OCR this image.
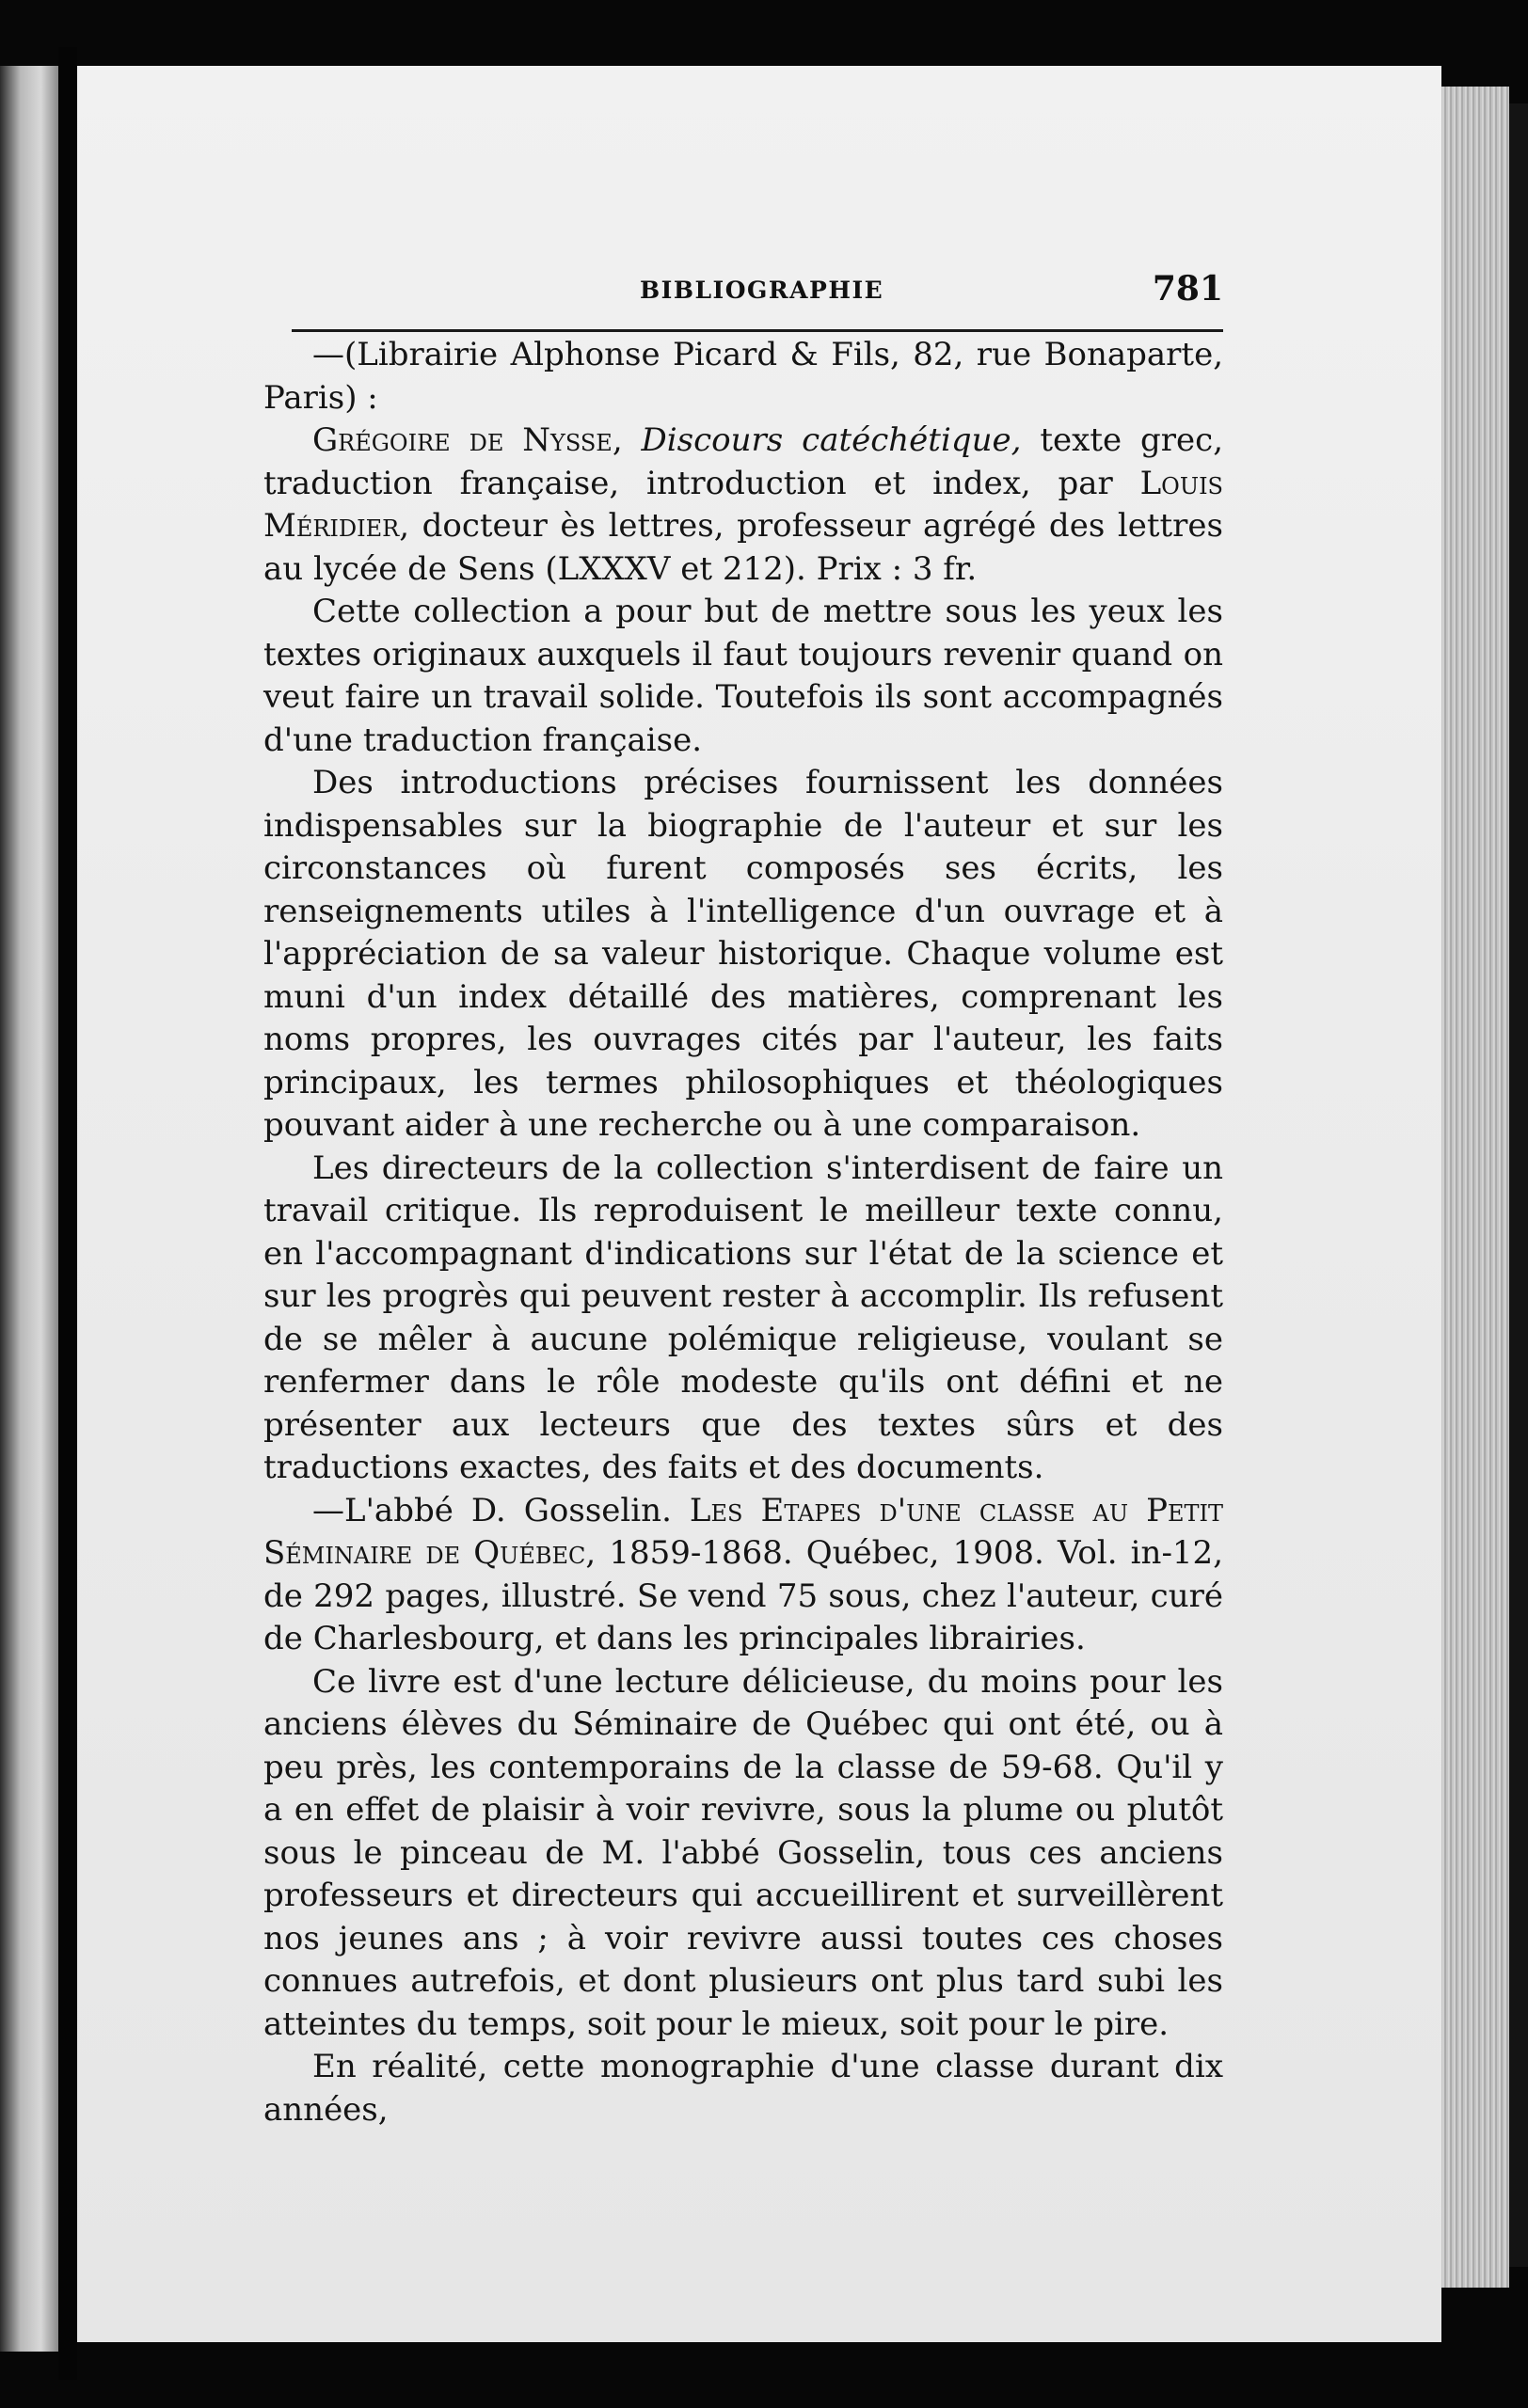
BIBLIOGRAPHIE	781

—(Librairie Alphonse Picard & Fils, 82, rue Bonaparte, Paris) :

Grégoire de Nysse, Discours catéchétique, texte grec, traduction française, introduction et index, par Louis Méridier, docteur ès lettres, professeur agrégé des lettres au lycée de Sens (LXXXV et 212). Prix : 3 fr.

Cette collection a pour but de mettre sous les yeux les textes originaux auxquels il faut toujours revenir quand on veut faire un travail solide. Toutefois ils sont accompagnés d'une traduction française.

Des introductions précises fournissent les données indispensables sur la biographie de l'auteur et sur les circonstances où furent composés ses écrits, les renseignements utiles à l'intelligence d'un ouvrage et à l'appréciation de sa valeur historique. Chaque volume est muni d'un index détaillé des matières, comprenant les noms propres, les ouvrages cités par l'auteur, les faits principaux, les termes philosophiques et théologiques pouvant aider à une recherche ou à une comparaison.

Les directeurs de la collection s'interdisent de faire un travail critique. Ils reproduisent le meilleur texte connu, en l'accompagnant d'indications sur l'état de la science et sur les progrès qui peuvent rester à accomplir. Ils refusent de se mêler à aucune polémique religieuse, voulant se renfermer dans le rôle modeste qu'ils ont défini et ne présenter aux lecteurs que des textes sûrs et des traductions exactes, des faits et des documents.

—L'abbé D. Gosselin. Les Etapes d'une classe au Petit Séminaire de Québec, 1859-1868. Québec, 1908. Vol. in-12, de 292 pages, illustré. Se vend 75 sous, chez l'auteur, curé de Charlesbourg, et dans les principales librairies.

Ce livre est d'une lecture délicieuse, du moins pour les anciens élèves du Séminaire de Québec qui ont été, ou à peu près, les contemporains de la classe de 59-68. Qu'il y a en effet de plaisir à voir revivre, sous la plume ou plutôt sous le pinceau de M. l'abbé Gosselin, tous ces anciens professeurs et directeurs qui accueillirent et surveillèrent nos jeunes ans ; à voir revivre aussi toutes ces choses connues autrefois, et dont plusieurs ont plus tard subi les atteintes du temps, soit pour le mieux, soit pour le pire.

En réalité, cette monographie d'une classe durant dix années,
